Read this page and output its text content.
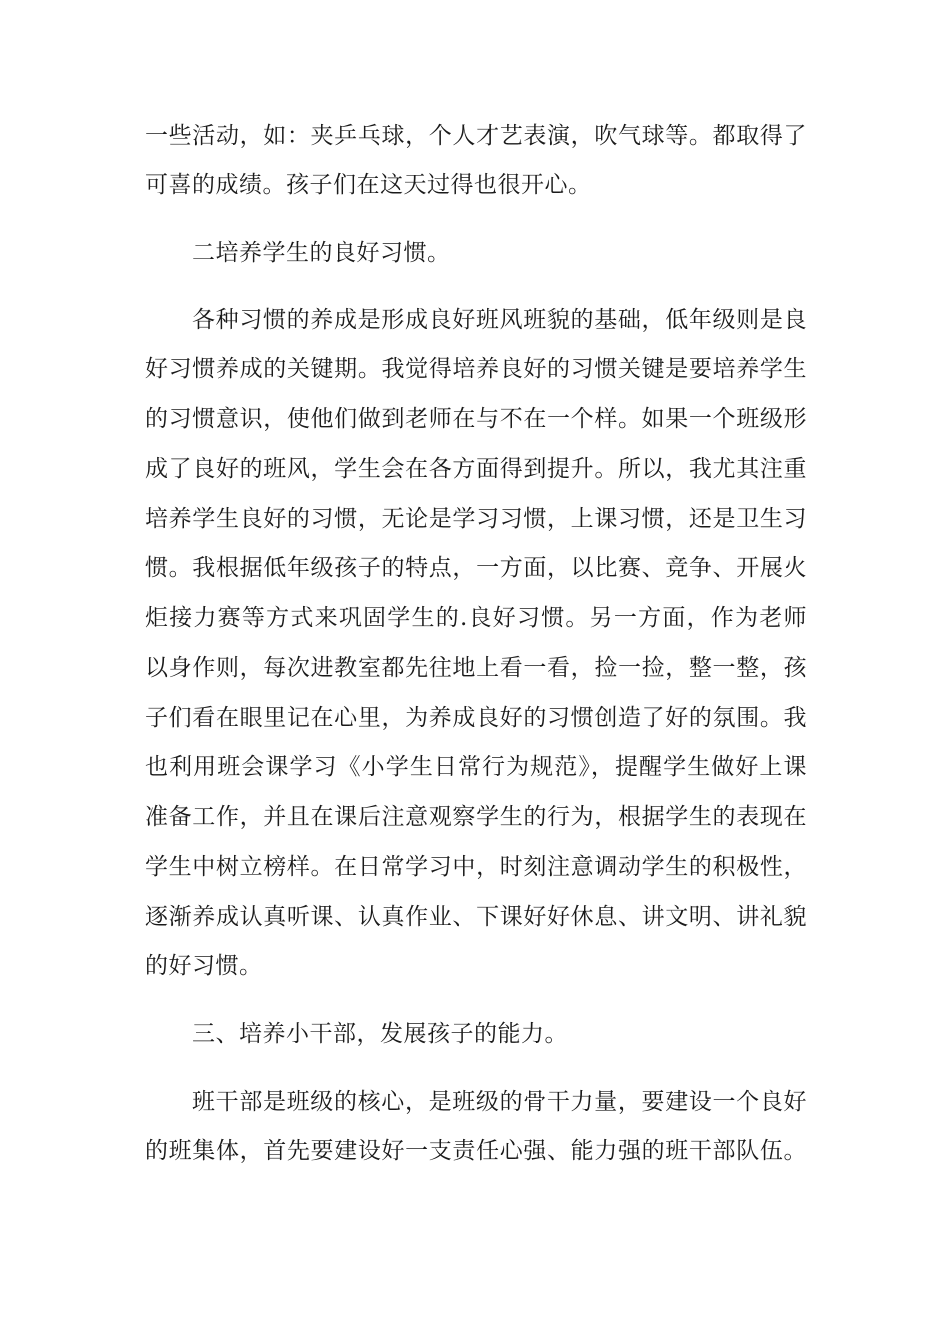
一些活动，如：夹乒乓球，个人才艺表演，吹气球等。都取得了
可喜的成绩。孩子们在这天过得也很开心。
二培养学生的良好习惯。
各种习惯的养成是形成良好班风班貌的基础，低年级则是良
好习惯养成的关键期。我觉得培养良好的习惯关键是要培养学生
的习惯意识，使他们做到老师在与不在一个样。如果一个班级形
成了良好的班风，学生会在各方面得到提升。所以，我尤其注重
培养学生良好的习惯，无论是学习习惯，上课习惯，还是卫生习
惯。我根据低年级孩子的特点，一方面，以比赛、竞争、开展火
炬接力赛等方式来巩固学生的.良好习惯。另一方面，作为老师
以身作则，每次进教室都先往地上看一看，捡一捡，整一整，孩
子们看在眼里记在心里，为养成良好的习惯创造了好的氛围。我
也利用班会课学习《小学生日常行为规范》，提醒学生做好上课
准备工作，并且在课后注意观察学生的行为，根据学生的表现在
学生中树立榜样。在日常学习中，时刻注意调动学生的积极性，
逐渐养成认真听课、认真作业、下课好好休息、讲文明、讲礼貌
的好习惯。
三、培养小干部，发展孩子的能力。
班干部是班级的核心，是班级的骨干力量，要建设一个良好
的班集体，首先要建设好一支责任心强、能力强的班干部队伍。
